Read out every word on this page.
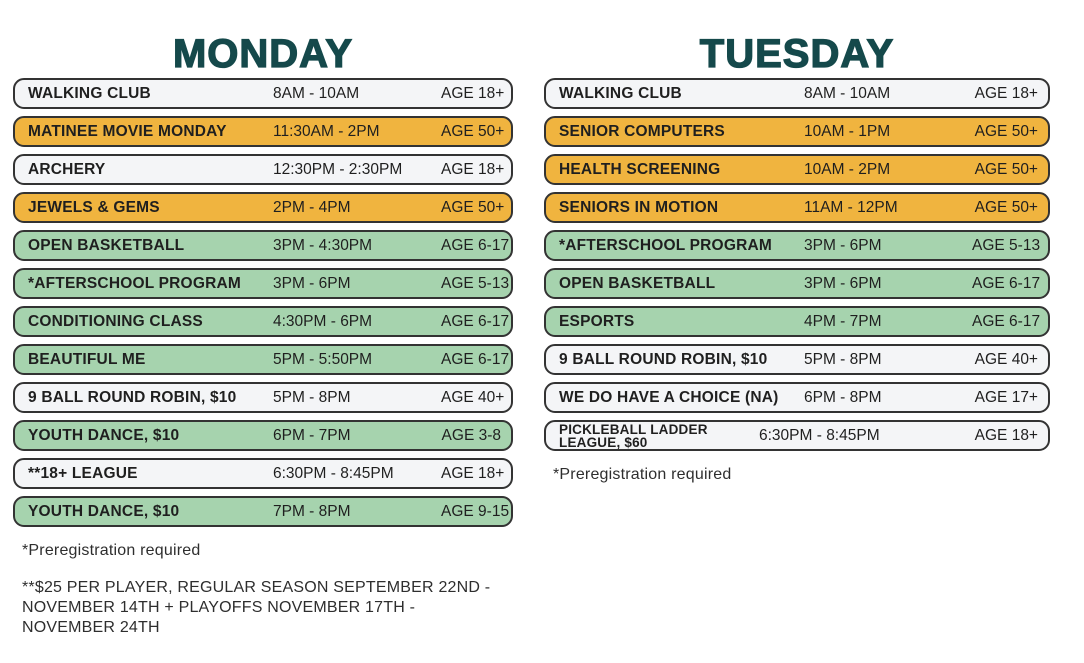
MONDAY
WALKING CLUB	8AM - 10AM	AGE 18+
MATINEE MOVIE MONDAY	11:30AM - 2PM	AGE 50+
ARCHERY	12:30PM - 2:30PM	AGE 18+
JEWELS & GEMS	2PM - 4PM	AGE 50+
OPEN BASKETBALL	3PM - 4:30PM	AGE 6-17
*AFTERSCHOOL PROGRAM	3PM - 6PM	AGE 5-13
CONDITIONING CLASS	4:30PM - 6PM	AGE 6-17
BEAUTIFUL ME	5PM - 5:50PM	AGE 6-17
9 BALL ROUND ROBIN, $10	5PM - 8PM	AGE 40+
YOUTH DANCE, $10	6PM - 7PM	AGE 3-8
**18+ LEAGUE	6:30PM - 8:45PM	AGE 18+
YOUTH DANCE, $10	7PM - 8PM	AGE 9-15
*Preregistration required
**$25 PER PLAYER, REGULAR SEASON SEPTEMBER 22ND - NOVEMBER 14TH + PLAYOFFS NOVEMBER 17TH - NOVEMBER 24TH
TUESDAY
WALKING CLUB	8AM - 10AM	AGE 18+
SENIOR COMPUTERS	10AM - 1PM	AGE 50+
HEALTH SCREENING	10AM - 2PM	AGE 50+
SENIORS IN MOTION	11AM - 12PM	AGE 50+
*AFTERSCHOOL PROGRAM	3PM - 6PM	AGE 5-13
OPEN BASKETBALL	3PM - 6PM	AGE 6-17
ESPORTS	4PM - 7PM	AGE 6-17
9 BALL ROUND ROBIN, $10	5PM - 8PM	AGE 40+
WE DO HAVE A CHOICE (NA)	6PM - 8PM	AGE 17+
PICKLEBALL LADDER LEAGUE, $60	6:30PM - 8:45PM	AGE 18+
*Preregistration required
